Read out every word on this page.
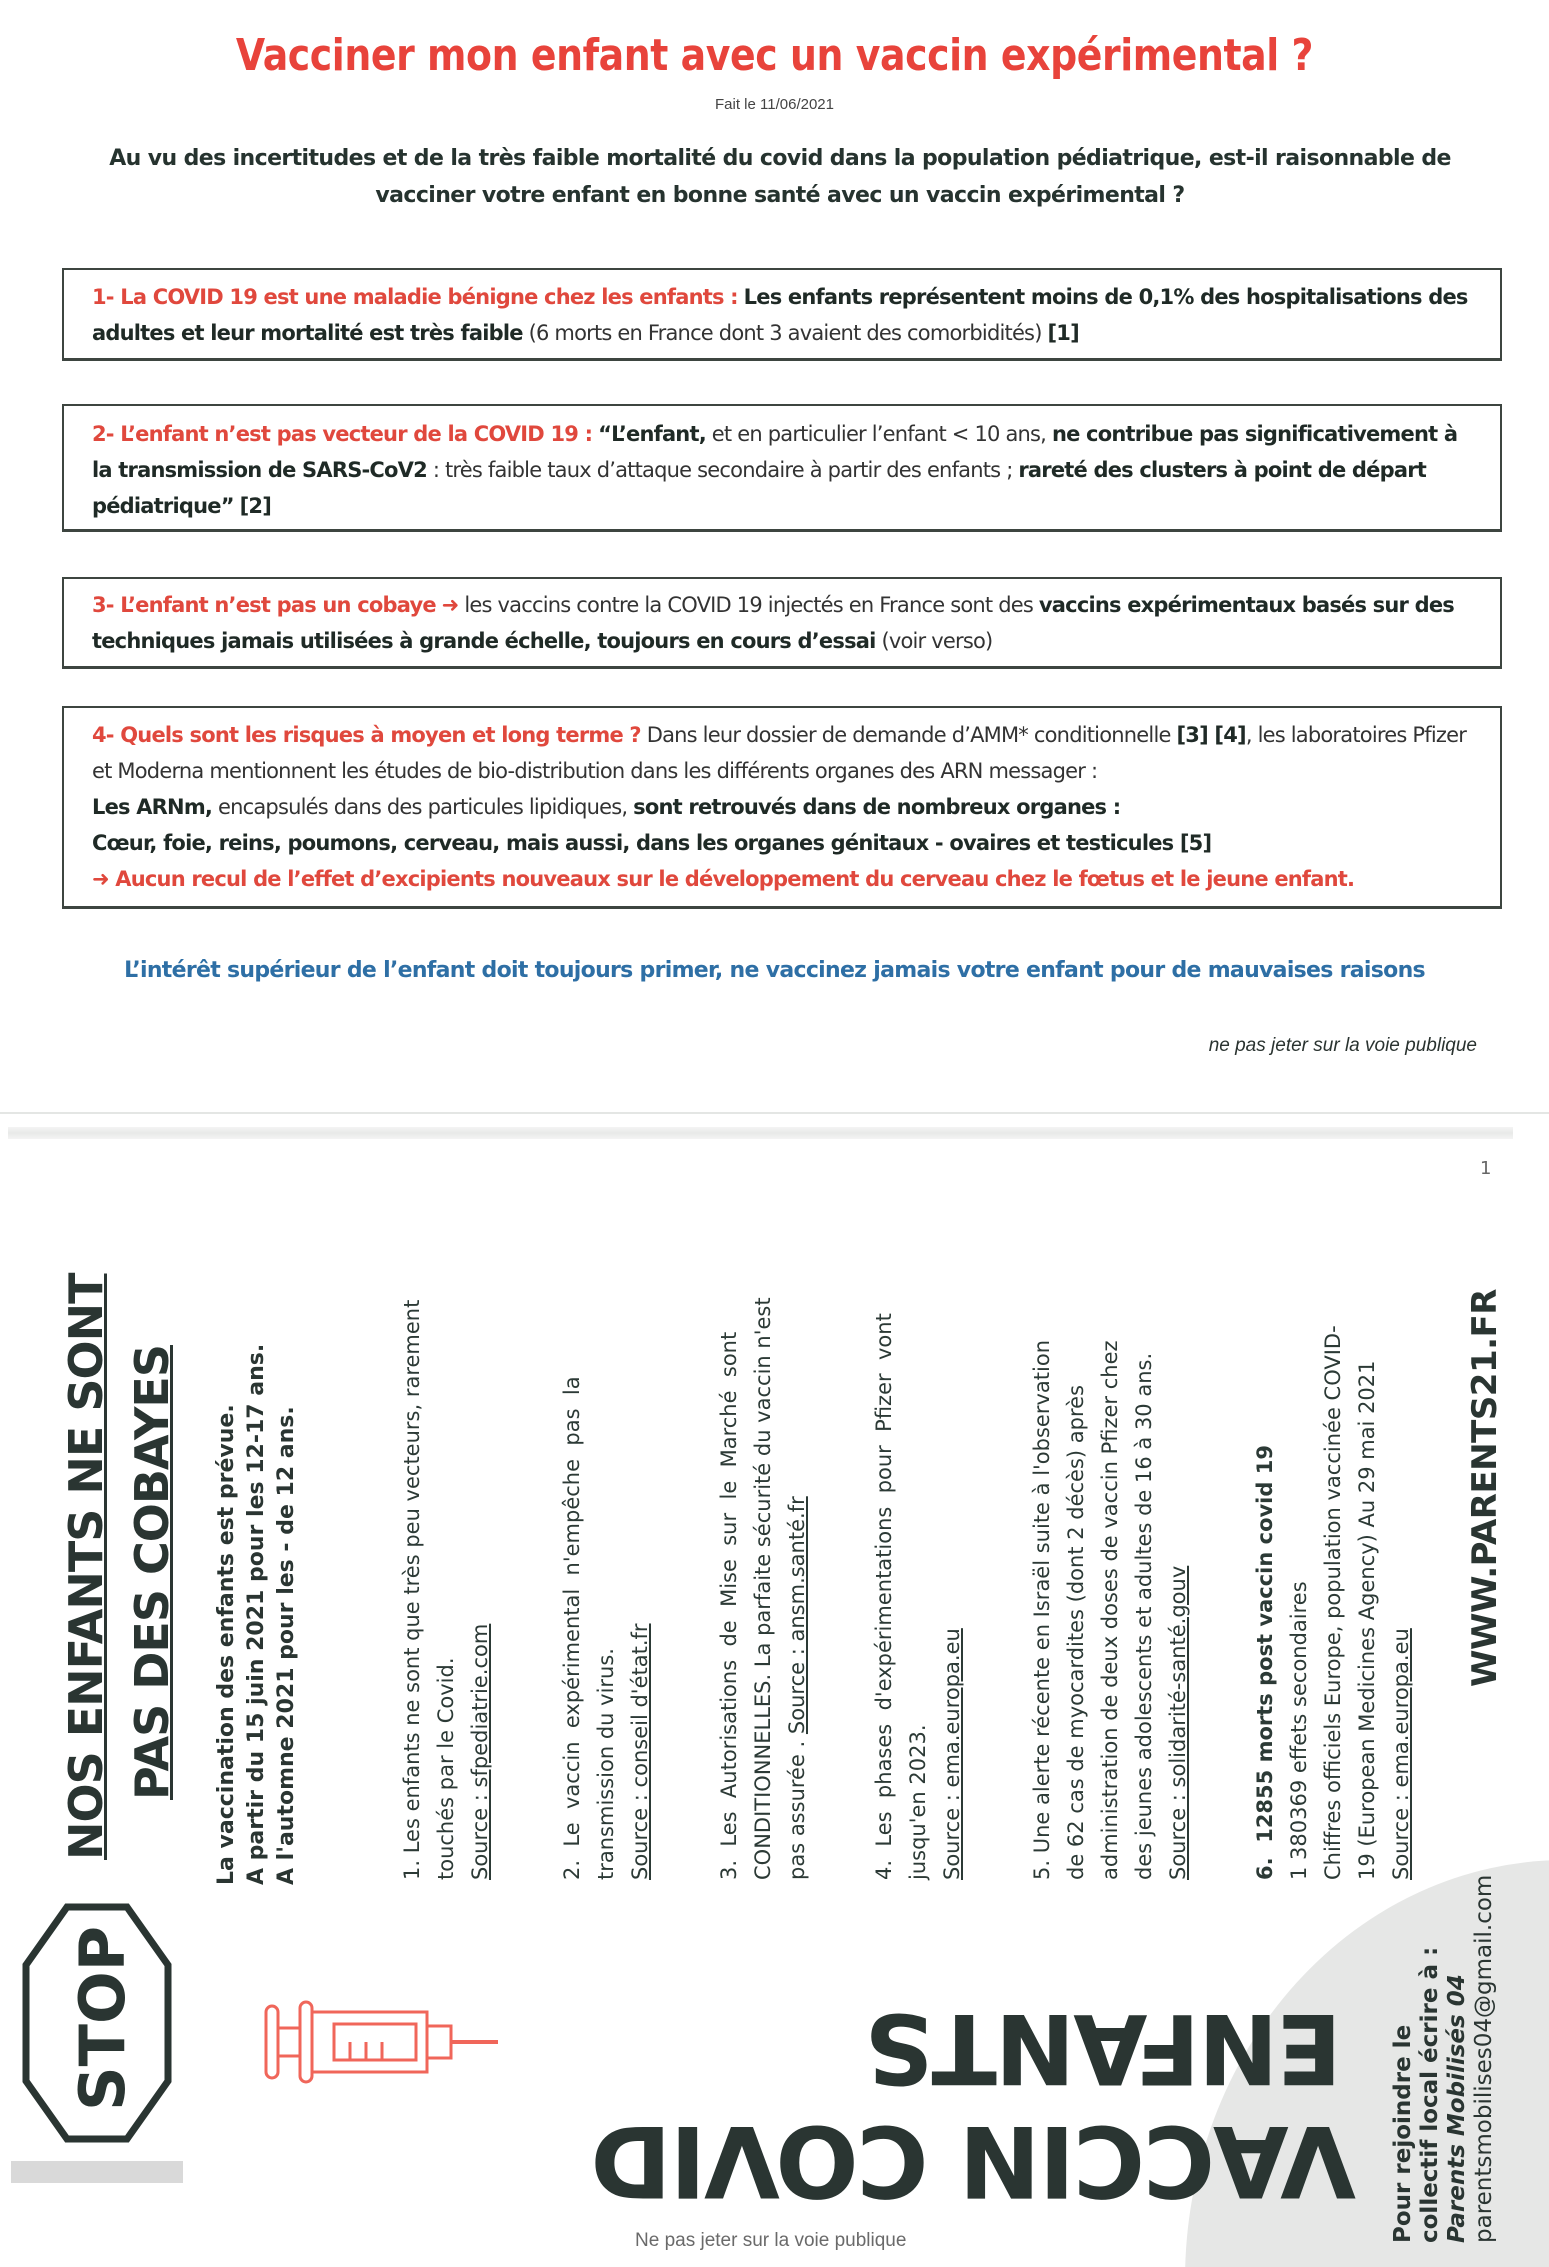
Vacciner mon enfant avec un vaccin expérimental ?
Fait le 11/06/2021

Au vu des incertitudes et de la très faible mortalité du covid dans la population pédiatrique, est-il raisonnable de vacciner votre enfant en bonne santé avec un vaccin expérimental ?

1- La COVID 19 est une maladie bénigne chez les enfants : Les enfants représentent moins de 0,1% des hospitalisations des adultes et leur mortalité est très faible (6 morts en France dont 3 avaient des comorbidités) [1]
2- L’enfant n’est pas vecteur de la COVID 19 : “L’enfant, et en particulier l’enfant < 10 ans, ne contribue pas significativement à la transmission de SARS-CoV2 : très faible taux d’attaque secondaire à partir des enfants ; rareté des clusters à point de départ pédiatrique” [2]
3- L’enfant n’est pas un cobaye ➜ les vaccins contre la COVID 19 injectés en France sont des vaccins expérimentaux basés sur des techniques jamais utilisées à grande échelle, toujours en cours d’essai (voir verso)
4- Quels sont les risques à moyen et long terme ? Dans leur dossier de demande d’AMM* conditionnelle [3] [4], les laboratoires Pfizer et Moderna mentionnent les études de bio-distribution dans les différents organes des ARN messager :
Les ARNm, encapsulés dans des particules lipidiques, sont retrouvés dans de nombreux organes :
Cœur, foie, reins, poumons, cerveau, mais aussi, dans les organes génitaux - ovaires et testicules [5]
➜ Aucun recul de l’effet d’excipients nouveaux sur le développement du cerveau chez le fœtus et le jeune enfant.
L’intérêt supérieur de l’enfant doit toujours primer, ne vaccinez jamais votre enfant pour de mauvaises raisons
ne pas jeter sur la voie publique
NOS ENFANTS NE SONT PAS DES COBAYES La vaccination des enfants est prévue. A partir du 15 juin 2021 pour les 12-17 ans. A l'automne 2021 pour les - de 12 ans.	1. Les enfants ne sont que très peu vecteurs, rarement touchés par le Covid. Source : sfpediatrie.com	2.  Le  vaccin  expérimental  n'empêche  pas  la transmission du virus. Source : conseil d'état.fr	3.  Les  Autorisations  de  Mise  sur  le  Marché  sont CONDITIONNELLES. La parfaite sécurité du vaccin n'est pas assurée . Source : ansm.santé.fr	4.  Les  phases  d'expérimentations  pour  Pfizer  vont jusqu'en 2023. Source : ema.europa.eu	5. Une alerte récente en Israël suite à l'observation de 62 cas de myocardites (dont 2 décès) après administration de deux doses de vaccin Pfizer chez des jeunes adolescents et adultes de 16 à 30 ans. Source : solidarité-santé.gouv	6.  12855 morts post vaccin covid 19 1 380369 effets secondaires Chiffres officiels Europe, population vaccinée COVID- 19 (European Medicines Agency) Au 29 mai 2021 Source : ema.europa.eu
WWW.PARENTS21.FR
1
STOP	ENFANTS
VACCIN COVID
Ne pas jeter sur la voie publique	Pour rejoindre le collectif local écrire à : Parents Mobilisés 04 parentsmobilises04@gmail.com
